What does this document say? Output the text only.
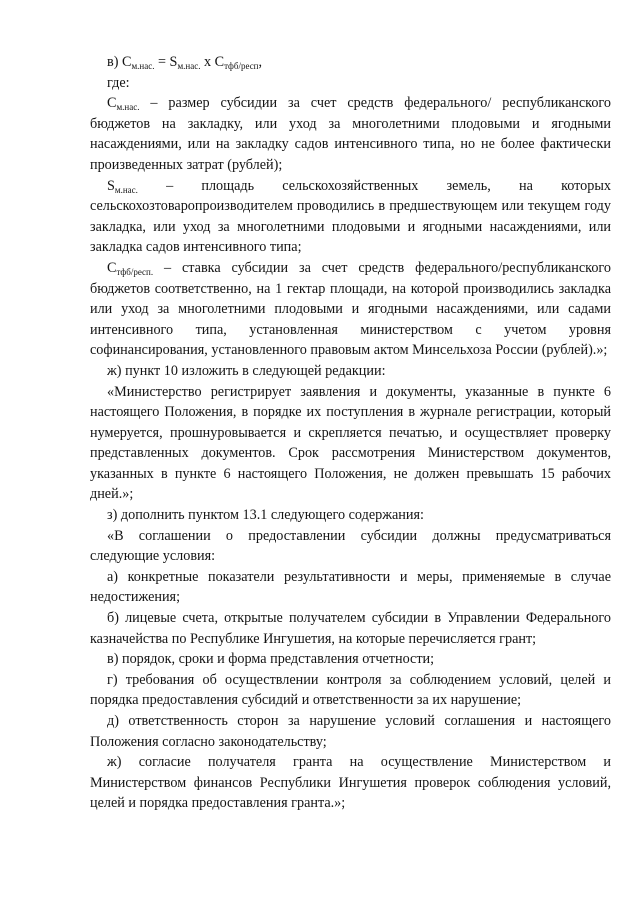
в) $С_{м.нас.} = S_{м.нас.}$ х $С_{тфб/респ}$,

где:

$С_{м.нас.}$ – размер субсидии за счет средств федерального/ республиканского бюджетов на закладку, или уход за многолетними плодовыми и ягодными насаждениями, или на закладку садов интенсивного типа, но не более фактически произведенных затрат (рублей);

$S_{м.нас.}$ – площадь сельскохозяйственных земель, на которых сельскохозтоваропроизводителем проводились в предшествующем или текущем году закладка, или уход за многолетними плодовыми и ягодными насаждениями, или закладка садов интенсивного типа;

$С_{тфб/респ.}$ – ставка субсидии за счет средств федерального/республиканского бюджетов соответственно, на 1 гектар площади, на которой производились закладка или уход за многолетними плодовыми и ягодными насаждениями, или садами интенсивного типа, установленная министерством с учетом уровня софинансирования, установленного правовым актом Минсельхоза России (рублей).»;

ж) пункт 10 изложить в следующей редакции:

«Министерство регистрирует заявления и документы, указанные в пункте 6 настоящего Положения, в порядке их поступления в журнале регистрации, который нумеруется, прошнуровывается и скрепляется печатью, и осуществляет проверку представленных документов. Срок рассмотрения Министерством документов, указанных в пункте 6 настоящего Положения, не должен превышать 15 рабочих дней.»;

з) дополнить пунктом 13.1 следующего содержания:

«В соглашении о предоставлении субсидии должны предусматриваться следующие условия:

а) конкретные показатели результативности и меры, применяемые в случае недостижения;

б) лицевые счета, открытые получателем субсидии в Управлении Федерального казначейства по Республике Ингушетия, на которые перечисляется грант;

в) порядок, сроки и форма представления отчетности;

г) требования об осуществлении контроля за соблюдением условий, целей и порядка предоставления субсидий и ответственности за их нарушение;

д) ответственность сторон за нарушение условий соглашения и настоящего Положения согласно законодательству;

ж) согласие получателя гранта на осуществление Министерством и Министерством финансов Республики Ингушетия проверок соблюдения условий, целей и порядка предоставления гранта.»;
